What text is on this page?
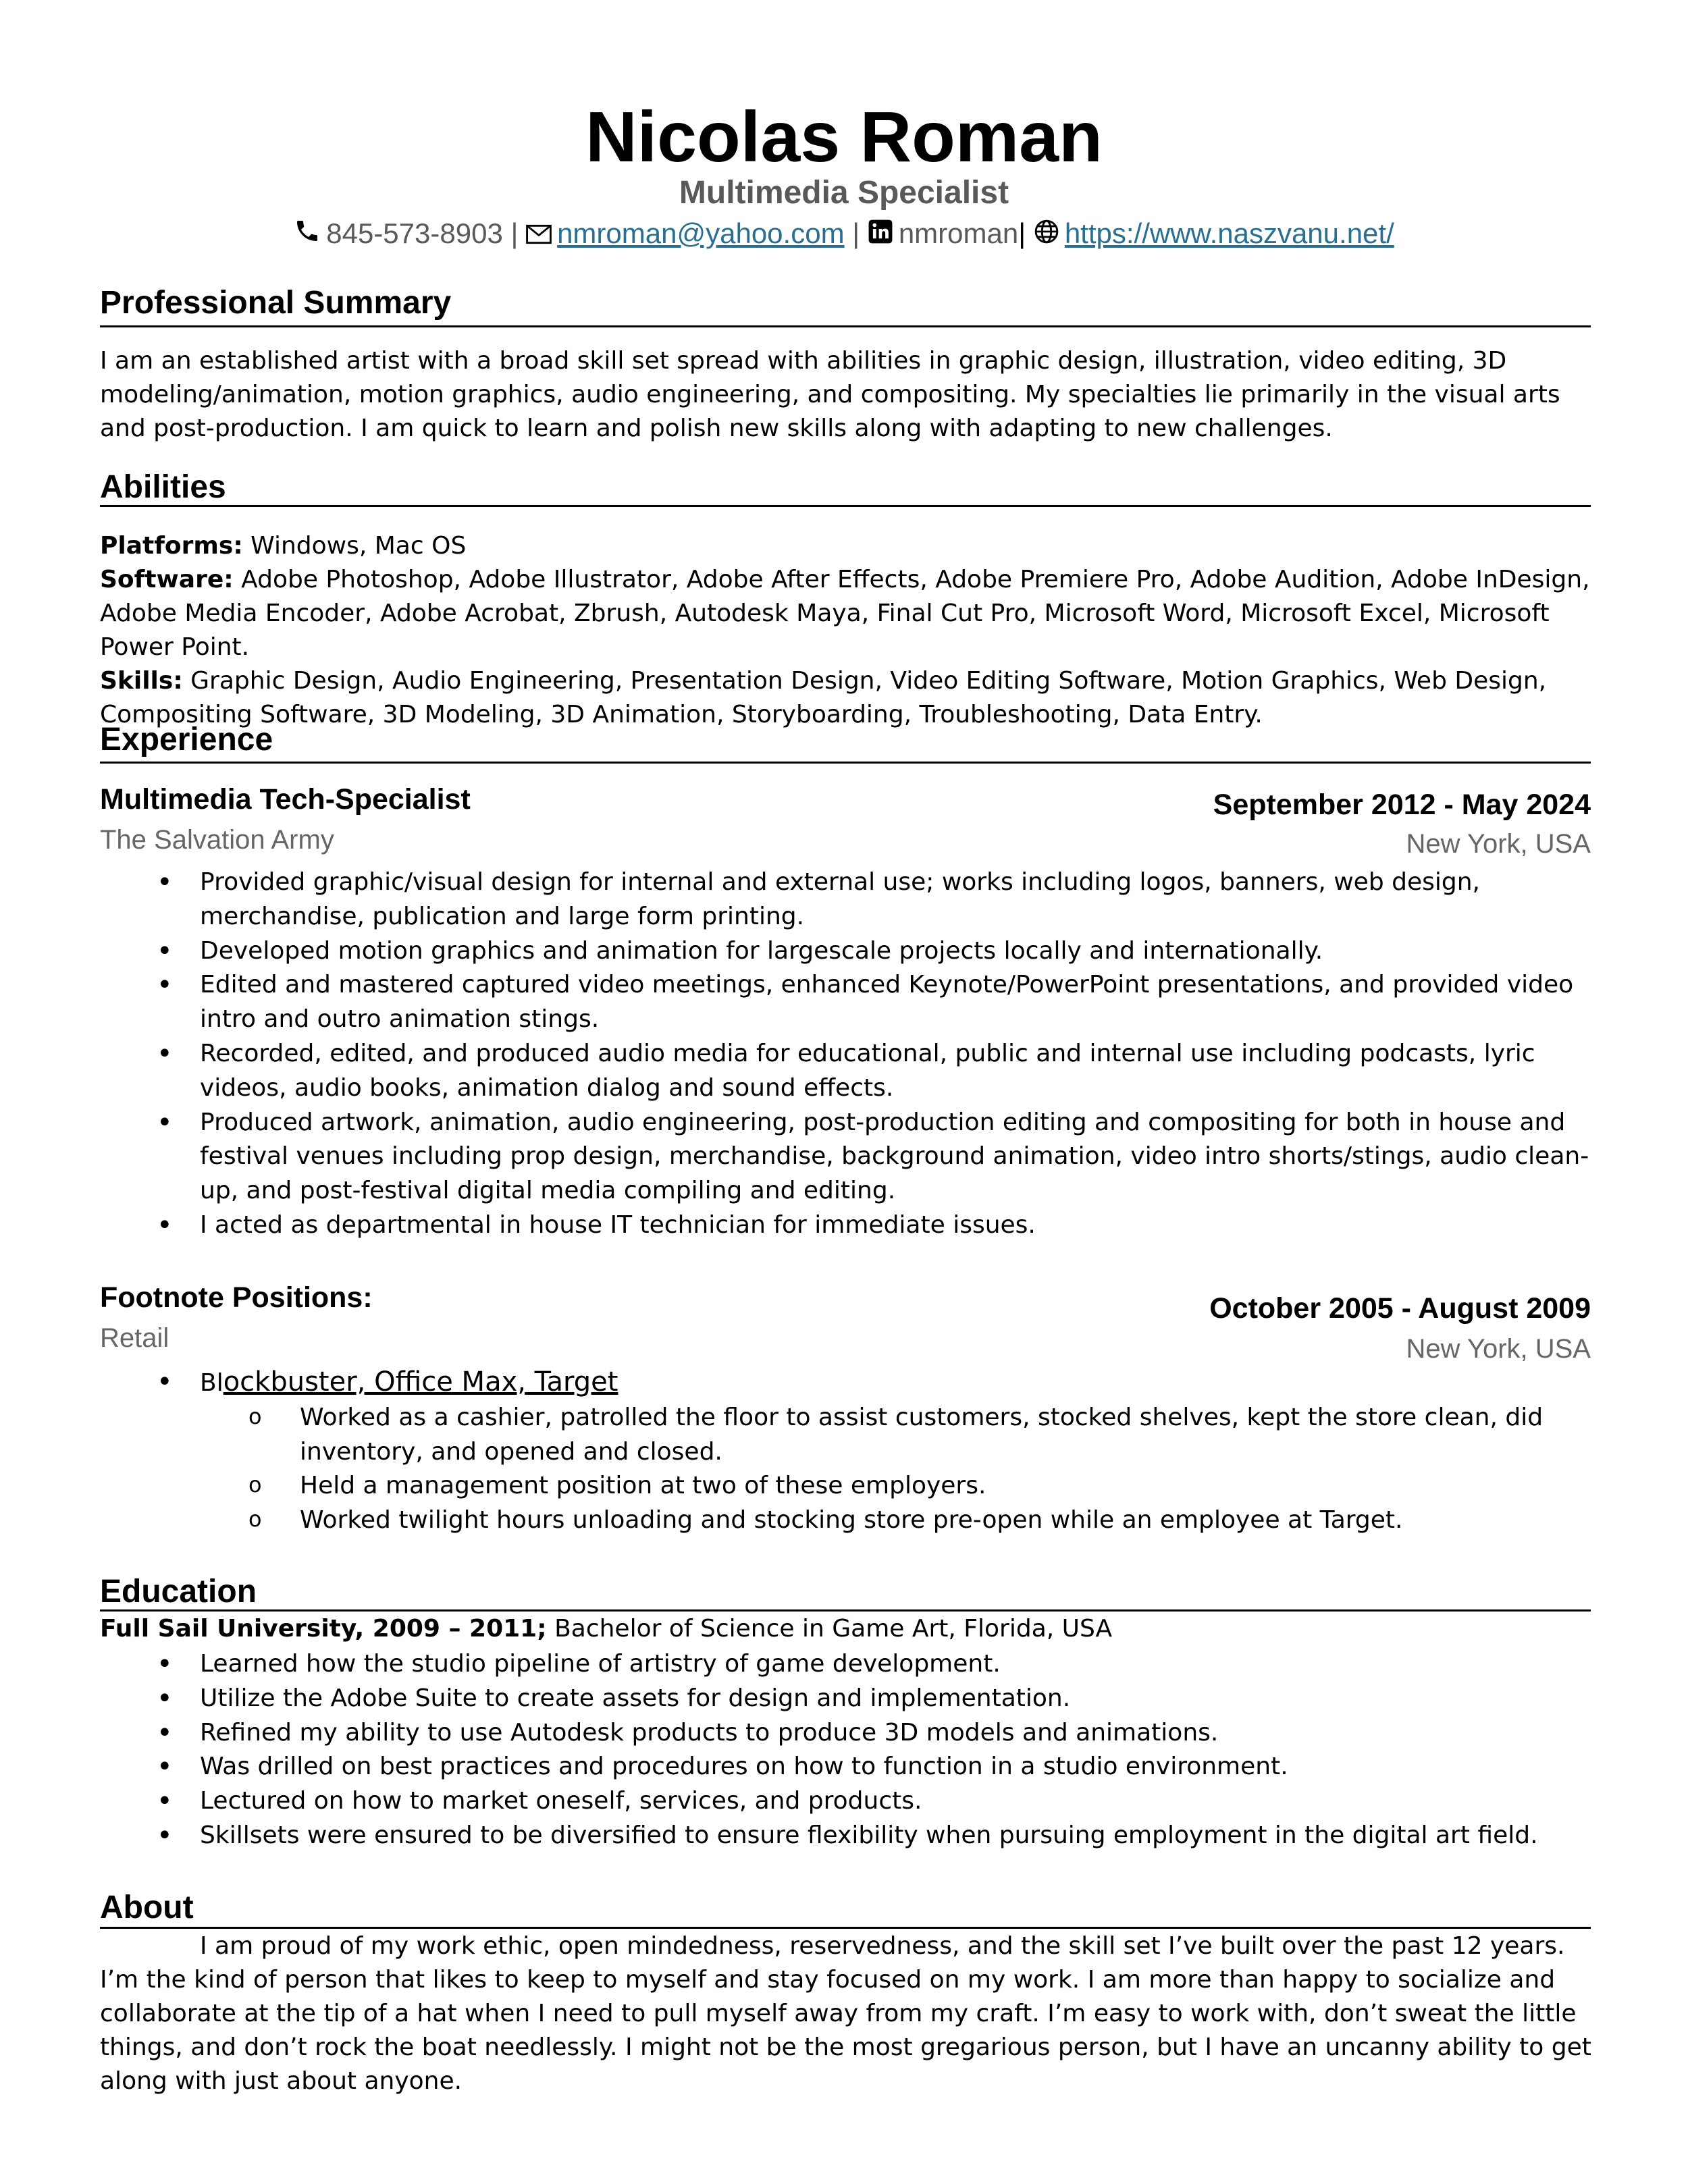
Nicolas Roman
Multimedia Specialist
845-573-8903 | nmroman@yahoo.com | nmroman| https://www.naszvanu.net/
Professional Summary
I am an established artist with a broad skill set spread with abilities in graphic design, illustration, video editing, 3D modeling/animation, motion graphics, audio engineering, and compositing. My specialties lie primarily in the visual arts and post-production. I am quick to learn and polish new skills along with adapting to new challenges.
Abilities
Platforms: Windows, Mac OS
Software: Adobe Photoshop, Adobe Illustrator, Adobe After Effects, Adobe Premiere Pro, Adobe Audition, Adobe InDesign, Adobe Media Encoder, Adobe Acrobat, Zbrush, Autodesk Maya, Final Cut Pro, Microsoft Word, Microsoft Excel, Microsoft Power Point.
Skills: Graphic Design, Audio Engineering, Presentation Design, Video Editing Software, Motion Graphics, Web Design, Compositing Software, 3D Modeling, 3D Animation, Storyboarding, Troubleshooting, Data Entry.
Experience
Multimedia Tech-Specialist	September 2012 - May 2024
The Salvation Army	New York, USA
• Provided graphic/visual design for internal and external use; works including logos, banners, web design, merchandise, publication and large form printing.
• Developed motion graphics and animation for largescale projects locally and internationally.
• Edited and mastered captured video meetings, enhanced Keynote/PowerPoint presentations, and provided video intro and outro animation stings.
• Recorded, edited, and produced audio media for educational, public and internal use including podcasts, lyric videos, audio books, animation dialog and sound effects.
• Produced artwork, animation, audio engineering, post-production editing and compositing for both in house and festival venues including prop design, merchandise, background animation, video intro shorts/stings, audio clean-up, and post-festival digital media compiling and editing.
• I acted as departmental in house IT technician for immediate issues.
Footnote Positions:	October 2005 - August 2009
Retail	New York, USA
• Blockbuster, Office Max, Target
o Worked as a cashier, patrolled the floor to assist customers, stocked shelves, kept the store clean, did inventory, and opened and closed.
o Held a management position at two of these employers.
o Worked twilight hours unloading and stocking store pre-open while an employee at Target.
Education
Full Sail University, 2009 – 2011; Bachelor of Science in Game Art, Florida, USA
• Learned how the studio pipeline of artistry of game development.
• Utilize the Adobe Suite to create assets for design and implementation.
• Refined my ability to use Autodesk products to produce 3D models and animations.
• Was drilled on best practices and procedures on how to function in a studio environment.
• Lectured on how to market oneself, services, and products.
• Skillsets were ensured to be diversified to ensure flexibility when pursuing employment in the digital art field.
About
I am proud of my work ethic, open mindedness, reservedness, and the skill set I’ve built over the past 12 years. I’m the kind of person that likes to keep to myself and stay focused on my work. I am more than happy to socialize and collaborate at the tip of a hat when I need to pull myself away from my craft. I’m easy to work with, don’t sweat the little things, and don’t rock the boat needlessly. I might not be the most gregarious person, but I have an uncanny ability to get along with just about anyone.
